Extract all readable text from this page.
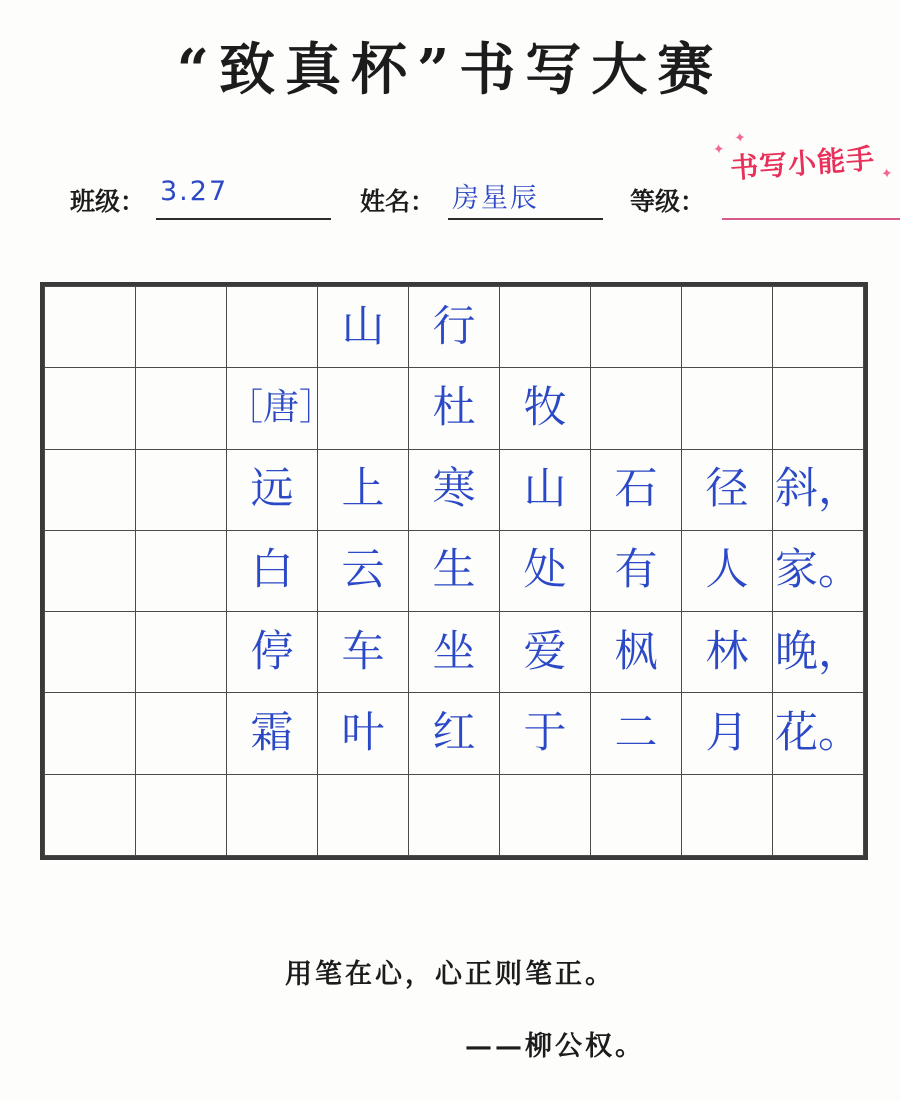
“致真杯”书写大赛
班级： 3.27	姓名： 房星辰	等级：
✦
✦
书写小能手 ✦
			山	行				
		［唐］		杜	牧			
		远	上	寒	山	石	径	斜，
		白	云	生	处	有	人	家。
		停	车	坐	爱	枫	林	晚，
		霜	叶	红	于	二	月	花。

用笔在心，心正则笔正。
——柳公权。
